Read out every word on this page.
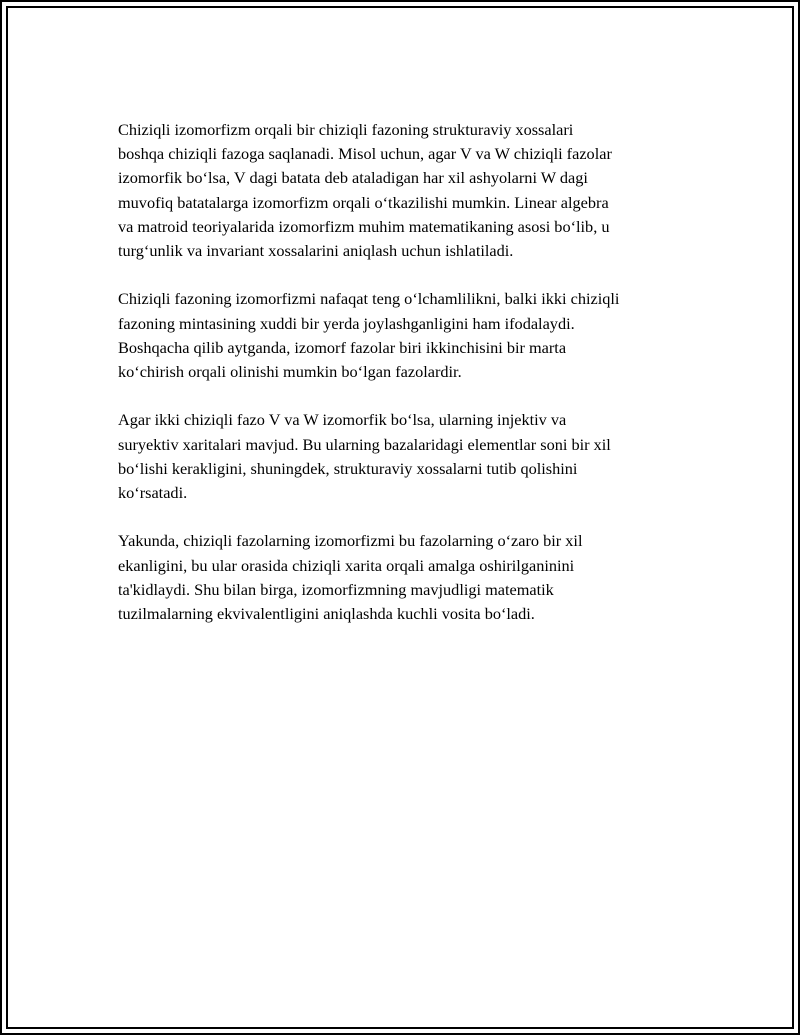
Chiziqli izomorfizm orqali bir chiziqli fazoning strukturaviy xossalari
boshqa chiziqli fazoga saqlanadi. Misol uchun, agar V va W chiziqli fazolar
izomorfik bo‘lsa, V dagi batata deb ataladigan har xil ashyolarni W dagi
muvofiq batatalarga izomorfizm orqali o‘tkazilishi mumkin. Linear algebra
va matroid teoriyalarida izomorfizm muhim matematikaning asosi bo‘lib, u
turg‘unlik va invariant xossalarini aniqlash uchun ishlatiladi.

Chiziqli fazoning izomorfizmi nafaqat teng o‘lchamlilikni, balki ikki chiziqli
fazoning mintasining xuddi bir yerda joylashganligini ham ifodalaydi.
Boshqacha qilib aytganda, izomorf fazolar biri ikkinchisini bir marta
ko‘chirish orqali olinishi mumkin bo‘lgan fazolardir.

Agar ikki chiziqli fazo V va W izomorfik bo‘lsa, ularning injektiv va
suryektiv xaritalari mavjud. Bu ularning bazalaridagi elementlar soni bir xil
bo‘lishi kerakligini, shuningdek, strukturaviy xossalarni tutib qolishini
ko‘rsatadi.

Yakunda, chiziqli fazolarning izomorfizmi bu fazolarning o‘zaro bir xil
ekanligini, bu ular orasida chiziqli xarita orqali amalga oshirilganinini
ta'kidlaydi. Shu bilan birga, izomorfizmning mavjudligi matematik
tuzilmalarning ekvivalentligini aniqlashda kuchli vosita bo‘ladi.
